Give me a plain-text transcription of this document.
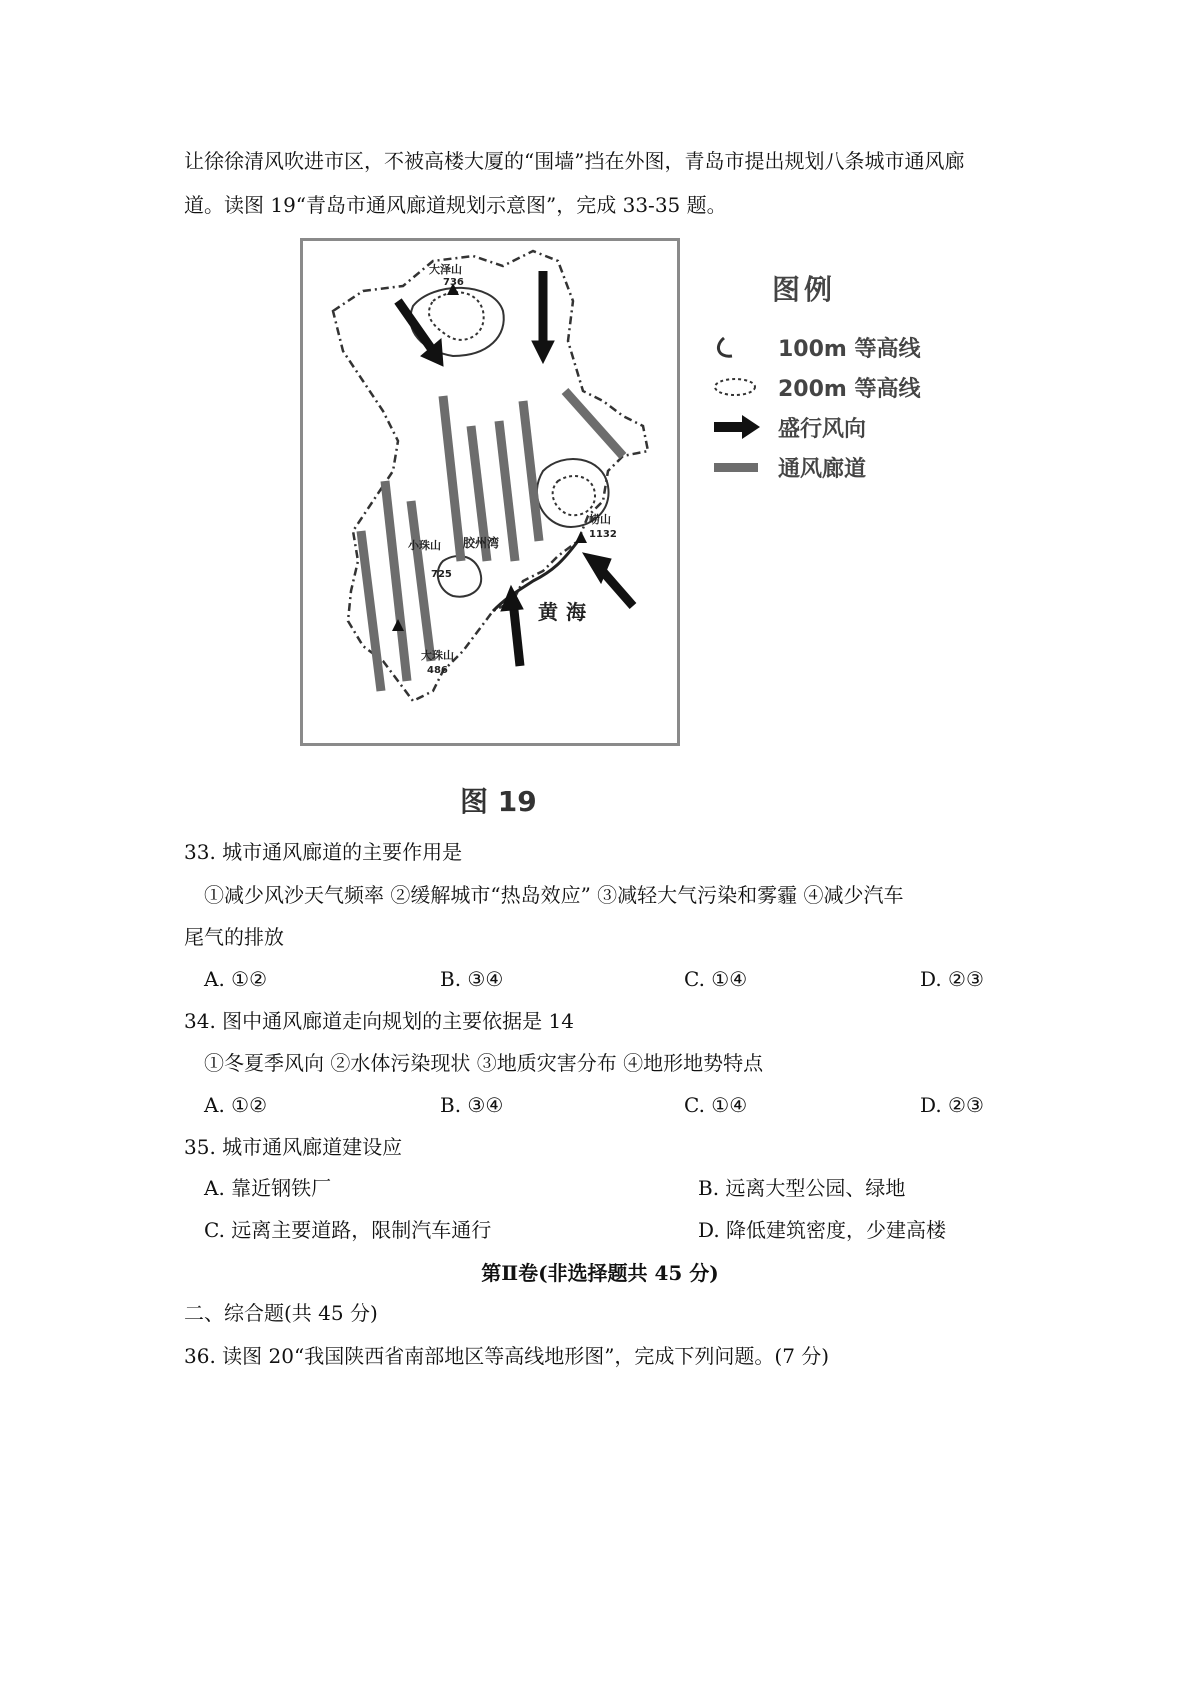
让徐徐清风吹进市区，不被高楼大厦的“围墙”挡在外图，青岛市提出规划八条城市通风廊
道。读图 19“青岛市通风廊道规划示意图”，完成 33-35 题。
大泽山
736
崂山
1132
小珠山 胶州湾
725
大珠山
486
黄海
图例
100m 等高线
200m 等高线
盛行风向
通风廊道
图 19
33. 城市通风廊道的主要作用是
①减少风沙天气频率 ②缓解城市“热岛效应” ③减轻大气污染和雾霾 ④减少汽车
尾气的排放
A. ①②	B. ③④	C. ①④	D. ②③
34. 图中通风廊道走向规划的主要依据是 14
①冬夏季风向 ②水体污染现状 ③地质灾害分布 ④地形地势特点
A. ①②	B. ③④	C. ①④	D. ②③
35. 城市通风廊道建设应
A. 靠近钢铁厂	B. 远离大型公园、绿地
C. 远离主要道路，限制汽车通行	D. 降低建筑密度，少建高楼
第Ⅱ卷(非选择题共 45 分)
二、综合题(共 45 分)
36. 读图 20“我国陕西省南部地区等高线地形图”，完成下列问题。(7 分)
